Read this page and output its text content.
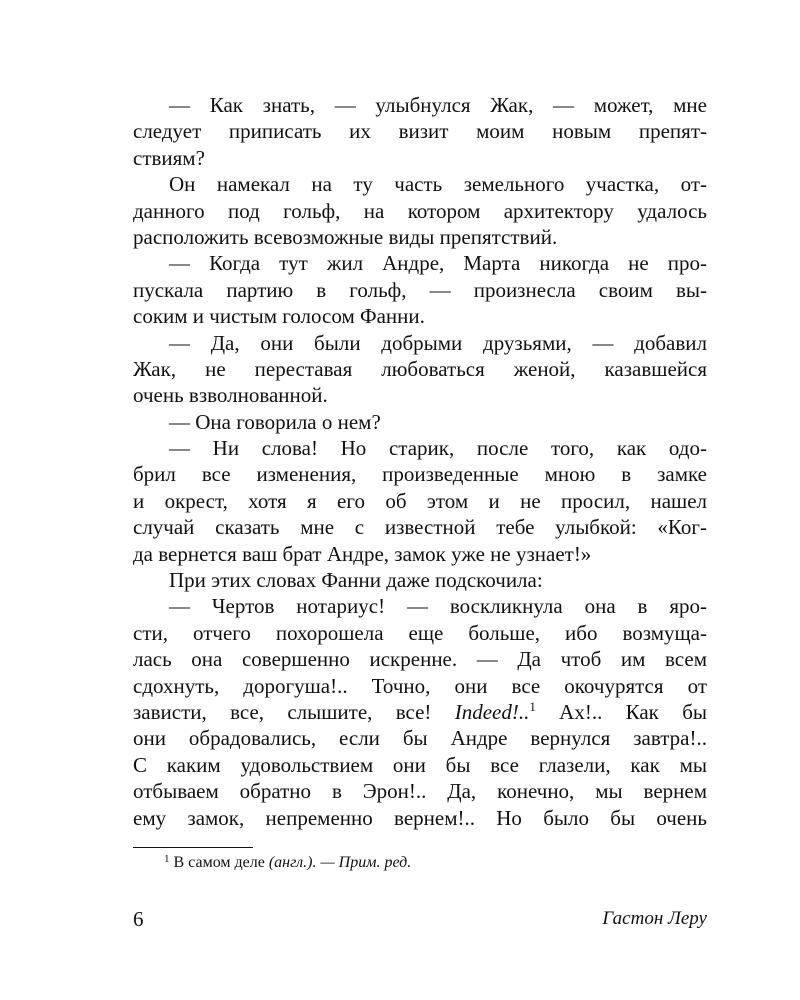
— Как знать, — улыбнулся Жак, — может, мне
следует приписать их визит моим новым препят-
ствиям?
Он намекал на ту часть земельного участка, от-
данного под гольф, на котором архитектору удалось
расположить всевозможные виды препятствий.
— Когда тут жил Андре, Марта никогда не про-
пускала партию в гольф, — произнесла своим вы-
соким и чистым голосом Фанни.
— Да, они были добрыми друзьями, — добавил
Жак, не переставая любоваться женой, казавшейся
очень взволнованной.
— Она говорила о нем?
— Ни слова! Но старик, после того, как одо-
брил все изменения, произведенные мною в замке
и окрест, хотя я его об этом и не просил, нашел
случай сказать мне с известной тебе улыбкой: «Ког-
да вернется ваш брат Андре, замок уже не узнает!»
При этих словах Фанни даже подскочила:
— Чертов нотариус! — воскликнула она в яро-
сти, отчего похорошела еще больше, ибо возмуща-
лась она совершенно искренне. — Да чтоб им всем
сдохнуть, дорогуша!.. Точно, они все окочурятся от
зависти, все, слышите, все! Indeed!..$^1$ Ах!.. Как бы
они обрадовались, если бы Андре вернулся завтра!..
С каким удовольствием они бы все глазели, как мы
отбываем обратно в Эрон!.. Да, конечно, мы вернем
ему замок, непременно вернем!.. Но было бы очень
$^1$ В самом деле (англ.). — Прим. ред.
6	Гастон Леру
